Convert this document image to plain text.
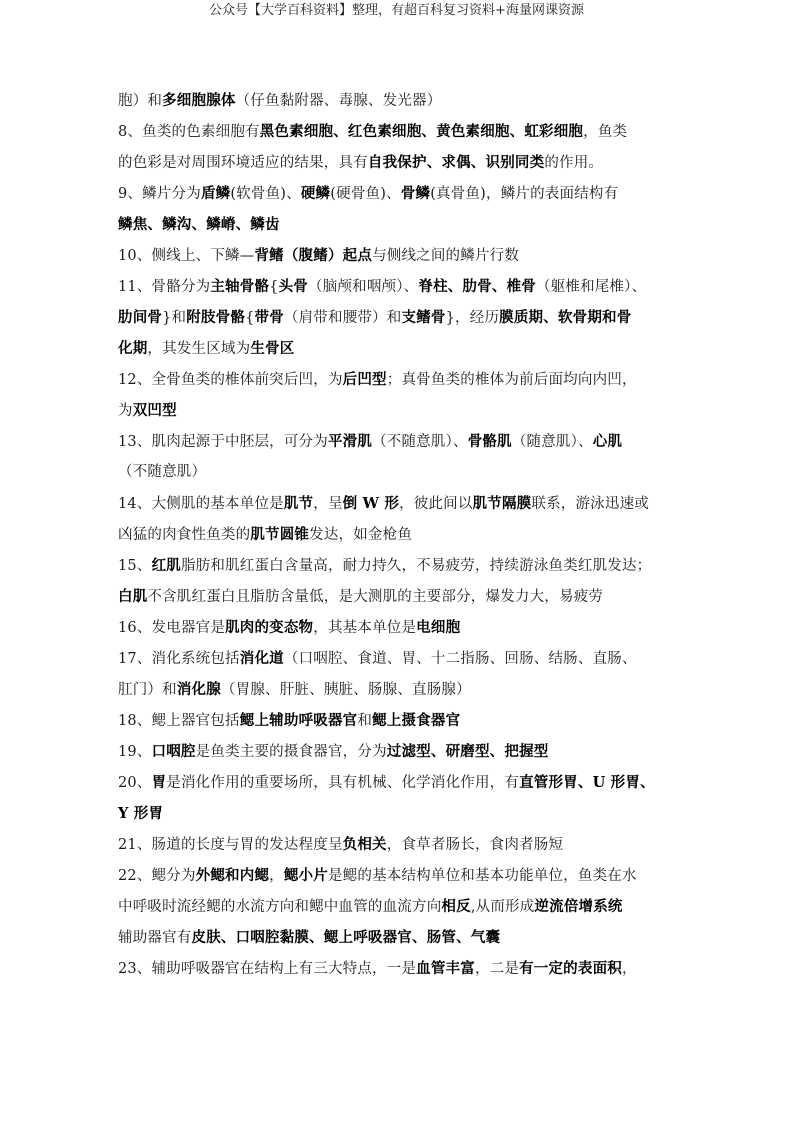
公众号【大学百科资料】整理，有超百科复习资料+海量网课资源
胞）和多细胞腺体（仔鱼黏附器、毒腺、发光器）
8、鱼类的色素细胞有黑色素细胞、红色素细胞、黄色素细胞、虹彩细胞，鱼类
的色彩是对周围环境适应的结果，具有自我保护、求偶、识别同类的作用。
9、鳞片分为盾鳞(软骨鱼)、硬鳞(硬骨鱼)、骨鳞(真骨鱼)，鳞片的表面结构有
鳞焦、鳞沟、鳞嵴、鳞齿
10、侧线上、下鳞—背鳍（腹鳍）起点与侧线之间的鳞片行数
11、骨骼分为主轴骨骼{头骨（脑颅和咽颅）、脊柱、肋骨、椎骨（躯椎和尾椎）、
肋间骨}和附肢骨骼{带骨（肩带和腰带）和支鳍骨}，经历膜质期、软骨期和骨
化期，其发生区域为生骨区
12、全骨鱼类的椎体前突后凹，为后凹型；真骨鱼类的椎体为前后面均向内凹，
为双凹型
13、肌肉起源于中胚层，可分为平滑肌（不随意肌）、骨骼肌（随意肌）、心肌
（不随意肌）
14、大侧肌的基本单位是肌节，呈倒 W 形，彼此间以肌节隔膜联系，游泳迅速或
凶猛的肉食性鱼类的肌节圆锥发达，如金枪鱼
15、红肌脂肪和肌红蛋白含量高，耐力持久，不易疲劳，持续游泳鱼类红肌发达；
白肌不含肌红蛋白且脂肪含量低，是大测肌的主要部分，爆发力大，易疲劳
16、发电器官是肌肉的变态物，其基本单位是电细胞
17、消化系统包括消化道（口咽腔、食道、胃、十二指肠、回肠、结肠、直肠、
肛门）和消化腺（胃腺、肝脏、胰脏、肠腺、直肠腺）
18、鳃上器官包括鳃上辅助呼吸器官和鳃上摄食器官
19、口咽腔是鱼类主要的摄食器官，分为过滤型、研磨型、把握型
20、胃是消化作用的重要场所，具有机械、化学消化作用，有直管形胃、U 形胃、
Y 形胃
21、肠道的长度与胃的发达程度呈负相关，食草者肠长，食肉者肠短
22、鳃分为外鳃和内鳃，鳃小片是鳃的基本结构单位和基本功能单位，鱼类在水
中呼吸时流经鳃的水流方向和鳃中血管的血流方向相反,从而形成逆流倍增系统
辅助器官有皮肤、口咽腔黏膜、鳃上呼吸器官、肠管、气囊
23、辅助呼吸器官在结构上有三大特点，一是血管丰富，二是有一定的表面积，
